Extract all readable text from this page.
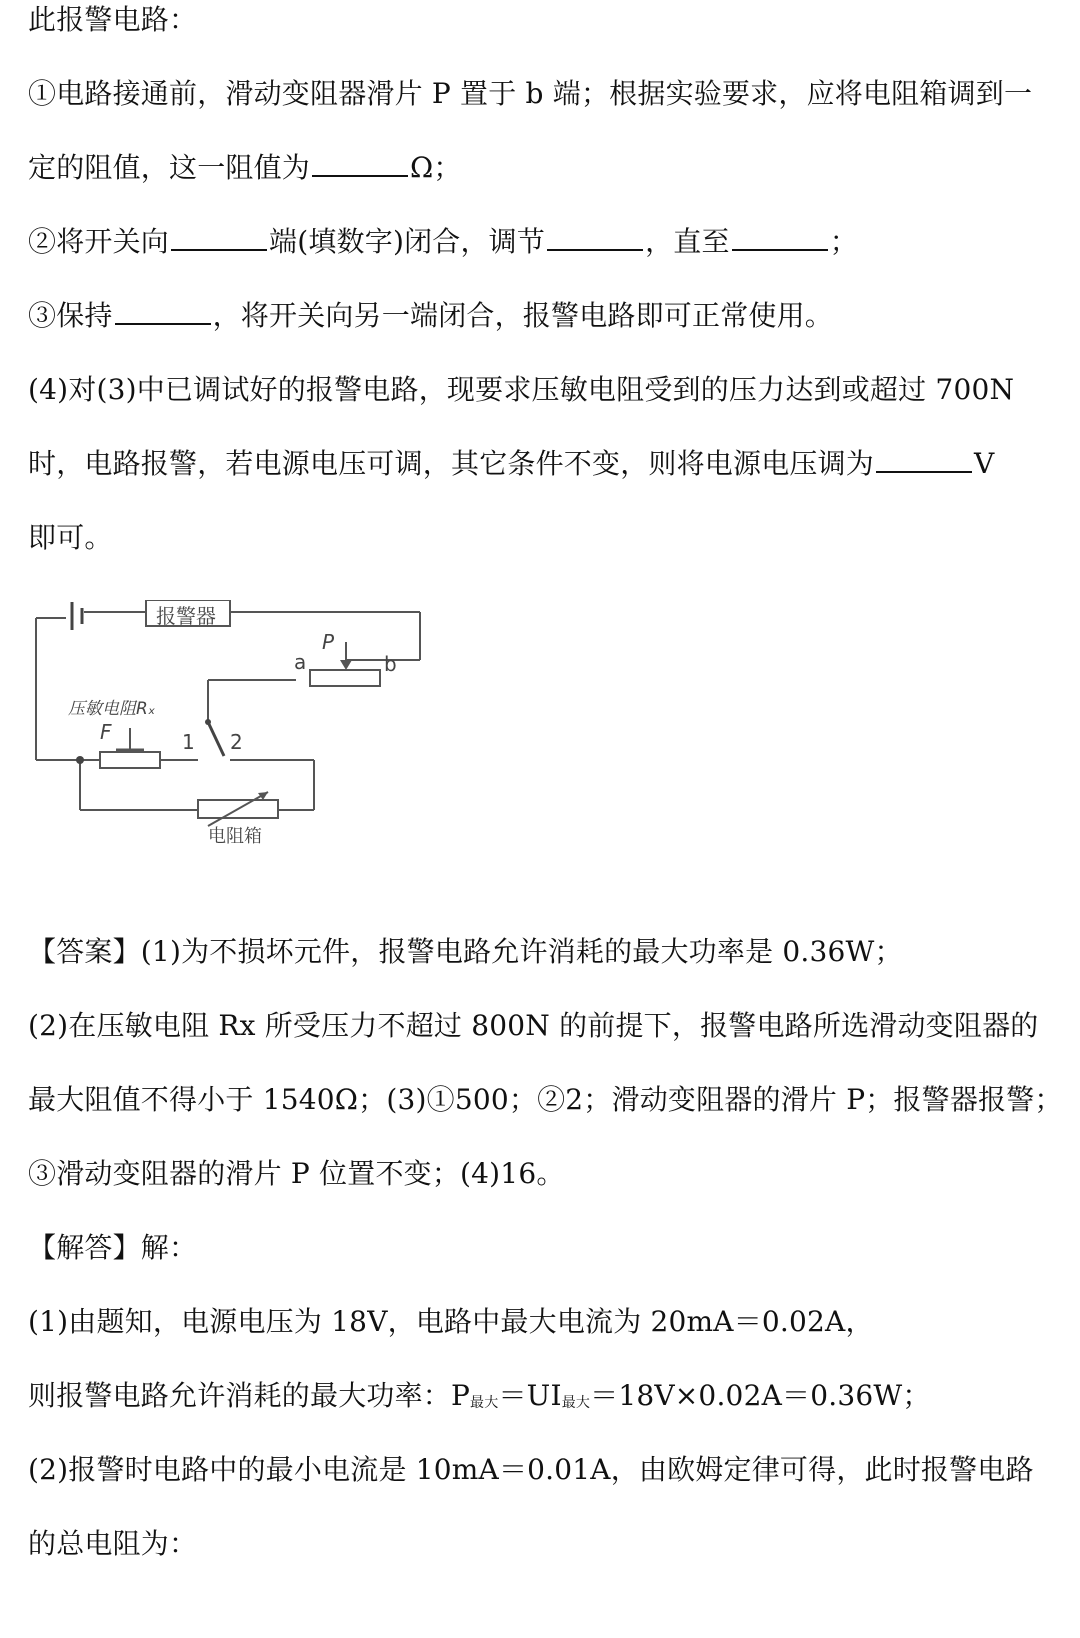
此报警电路：
①电路接通前，滑动变阻器滑片 P 置于 b 端；根据实验要求，应将电阻箱调到一
定的阻值，这一阻值为	Ω；
②将开关向	端(填数字)闭合，调节	，直至	；
③保持	，将开关向另一端闭合，报警电路即可正常使用。
(4)对(3)中已调试好的报警电路，现要求压敏电阻受到的压力达到或超过 700N
时，电路报警，若电源电压可调，其它条件不变，则将电源电压调为	V
即可。
报警器
a	b
P
压敏电阻Rₓ
F	1 2
电阻箱
【答案】(1)为不损坏元件，报警电路允许消耗的最大功率是 0.36W；
(2)在压敏电阻 Rx 所受压力不超过 800N 的前提下，报警电路所选滑动变阻器的
最大阻值不得小于 1540Ω；(3)①500；②2；滑动变阻器的滑片 P；报警器报警；
③滑动变阻器的滑片 P 位置不变；(4)16。
【解答】解：
(1)由题知，电源电压为 18V，电路中最大电流为 20mA＝0.02A，
则报警电路允许消耗的最大功率：$P_{最大}=UI_{最大}=18V\times 0.02A=0.36W$；
(2)报警时电路中的最小电流是 10mA＝0.01A，由欧姆定律可得，此时报警电路
的总电阻为：
